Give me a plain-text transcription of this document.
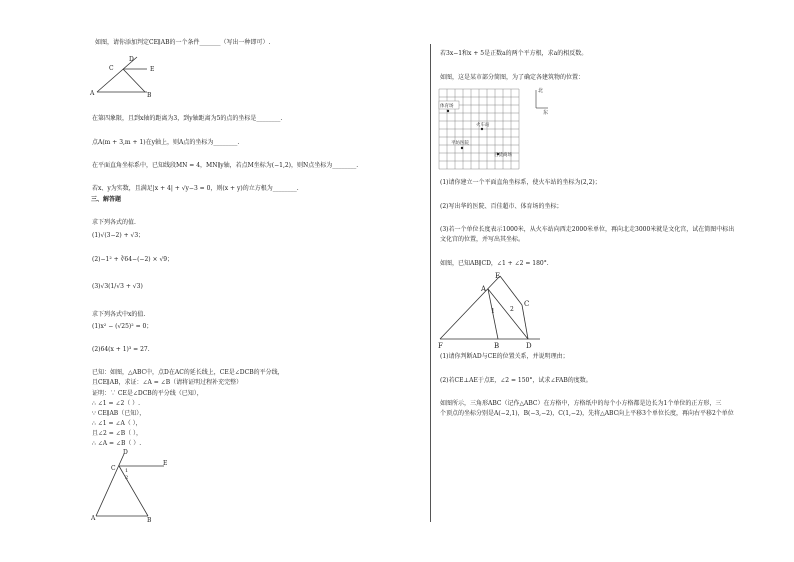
如图，请你添加判定CE∥AB的一个条件_______（写出一种即可）.
D
C	E
A	B
在第四象限，且到x轴的距离为3，到y轴距离为5的点的坐标是________.
点A(m + 3,m + 1)在y轴上，则A点的坐标为________.
在平面直角坐标系中，已知线段MN = 4，MN∥y轴，若点M坐标为(−1,2)，则N点坐标为________.
若x、y为实数，且满足|x + 4| + √y−3 = 0，则(x + y)的立方根为________.
三、解答题
求下列各式的值.
(1)√(3−2) + √3；
(2)−1² + ∛64−(−2) × √9；
(3)√3(1/√3 + √3)
求下列各式中x的值.
(1)x² − (√25)² = 0；
(2)64(x + 1)³ = 27.
已知：如图，△ABC中，点D在AC的延长线上，CE是∠DCB的平分线，
且CE∥AB，求证：∠A = ∠B（请将证明过程补充完整）
证明：∵ CE是∠DCB的平分线（已知），
∴ ∠1 = ∠2（ ）.
∵ CE∥AB（已知），
∴ ∠1 = ∠A（ ），
且∠2 = ∠B（ ），
∴ ∠A = ∠B（ ）.
D
E
C 1
2
A	B
若3x−1和x + 5是正数a的两个平方根，求a的相反数。
如图，这是某市部分简图，为了确定各建筑物的位置：
北
东
体育场
火车站
平坊医院
百货商场
(1)请你建立一个平面直角坐标系，使火车站的坐标为(2,2)；
(2)写出华的医院、百佳超市、体育场的坐标；
(3)若一个单位长度表示1000米，从火车站向西走2000米单位，再向北走3000米就是文化宫，试在简图中标出
文化宫的位置，并写出其坐标。
如图，已知AB∥CD，∠1 + ∠2 = 180°.
E
A
C
1	2
F	B	D
(1)请你判断AD与CE的位置关系，并说明理由；
(2)若CE⊥AE于点E，∠2 = 150°，试求∠FAB的度数。
如图所示，三角形ABC（记作△ABC）在方格中，方格纸中的每个小方格都是边长为1个单位的正方形，三
个顶点的坐标分别是A(−2,1)，B(−3,−2)，C(1,−2)，先将△ABC向上平移3个单位长度，再向右平移2个单位
